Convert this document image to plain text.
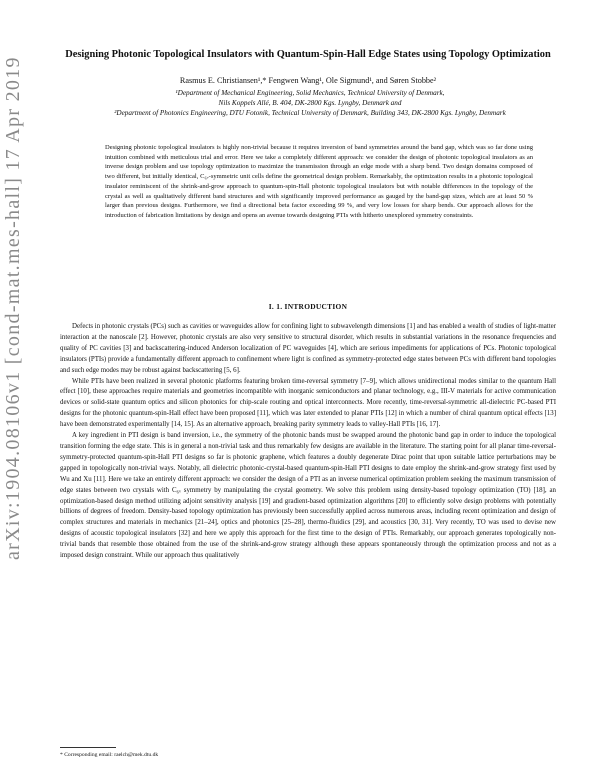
arXiv:1904.08106v1 [cond-mat.mes-hall] 17 Apr 2019
Designing Photonic Topological Insulators with Quantum-Spin-Hall Edge States using Topology Optimization

Rasmus E. Christiansen¹,* Fengwen Wang¹, Ole Sigmund¹, and Søren Stobbe²

¹Department of Mechanical Engineering, Solid Mechanics, Technical University of Denmark,

Nils Koppels Allé, B. 404, DK-2800 Kgs. Lyngby, Denmark and

²Department of Photonics Engineering, DTU Fotonik, Technical University of Denmark, Building 343, DK-2800 Kgs. Lyngby, Denmark

Designing photonic topological insulators is highly non-trivial because it requires inversion of band symmetries around the band gap, which was so far done using intuition combined with meticulous trial and error. Here we take a completely different approach: we consider the design of photonic topological insulators as an inverse design problem and use topology optimization to maximize the transmission through an edge mode with a sharp bend. Two design domains composed of two different, but initially identical, C₆ᵥ-symmetric unit cells define the geometrical design problem. Remarkably, the optimization results in a photonic topological insulator reminiscent of the shrink-and-grow approach to quantum-spin-Hall photonic topological insulators but with notable differences in the topology of the crystal as well as qualitatively different band structures and with significantly improved performance as gauged by the band-gap sizes, which are at least 50 % larger than previous designs. Furthermore, we find a directional beta factor exceeding 99 %, and very low losses for sharp bends. Our approach allows for the introduction of fabrication limitations by design and opens an avenue towards designing PTIs with hitherto unexplored symmetry constraints.

I. 1. INTRODUCTION

Defects in photonic crystals (PCs) such as cavities or waveguides allow for confining light to subwavelength dimensions [1] and has enabled a wealth of studies of light-matter interaction at the nanoscale [2]. However, photonic crystals are also very sensitive to structural disorder, which results in substantial variations in the resonance frequencies and quality of PC cavities [3] and backscattering-induced Anderson localization of PC waveguides [4], which are serious impediments for applications of PCs. Photonic topological insulators (PTIs) provide a fundamentally different approach to confinement where light is confined as symmetry-protected edge states between PCs with different band topologies and such edge modes may be robust against backscattering [5, 6].

While PTIs have been realized in several photonic platforms featuring broken time-reversal symmetry [7–9], which allows unidirectional modes similar to the quantum Hall effect [10], these approaches require materials and geometries incompatible with inorganic semiconductors and planar technology, e.g., III-V materials for active communication devices or solid-state quantum optics and silicon photonics for chip-scale routing and optical interconnects. More recently, time-reversal-symmetric all-dielectric PC-based PTI designs for the photonic quantum-spin-Hall effect have been proposed [11], which was later extended to planar PTIs [12] in which a number of chiral quantum optical effects [13] have been demonstrated experimentally [14, 15]. As an alternative approach, breaking parity symmetry leads to valley-Hall PTIs [16, 17].

A key ingredient in PTI design is band inversion, i.e., the symmetry of the photonic bands must be swapped around the photonic band gap in order to induce the topological transition forming the edge state. This is in general a non-trivial task and thus remarkably few designs are available in the literature. The starting point for all planar time-reversal-symmetry-protected quantum-spin-Hall PTI designs so far is photonic graphene, which features a doubly degenerate Dirac point that upon suitable lattice perturbations may be gapped in topologically non-trivial ways. Notably, all dielectric photonic-crystal-based quantum-spin-Hall PTI designs to date employ the shrink-and-grow strategy first used by Wu and Xu [11]. Here we take an entirely different approach: we consider the design of a PTI as an inverse numerical optimization problem seeking the maximum transmission of edge states between two crystals with C₆ᵥ symmetry by manipulating the crystal geometry. We solve this problem using density-based topology optimization (TO) [18], an optimization-based design method utilizing adjoint sensitivity analysis [19] and gradient-based optimization algorithms [20] to efficiently solve design problems with potentially billions of degrees of freedom. Density-based topology optimization has previously been successfully applied across numerous areas, including recent optimization and design of complex structures and materials in mechanics [21–24], optics and photonics [25–28], thermo-fluidics [29], and acoustics [30, 31]. Very recently, TO was used to devise new designs of acoustic topological insulators [32] and here we apply this approach for the first time to the design of PTIs. Remarkably, our approach generates topologically non-trivial bands that resemble those obtained from the use of the shrink-and-grow strategy although these appears spontaneously through the optimization process and not as a imposed design constraint. While our approach thus qualitatively

* Corresponding email: raelch@mek.dtu.dk
